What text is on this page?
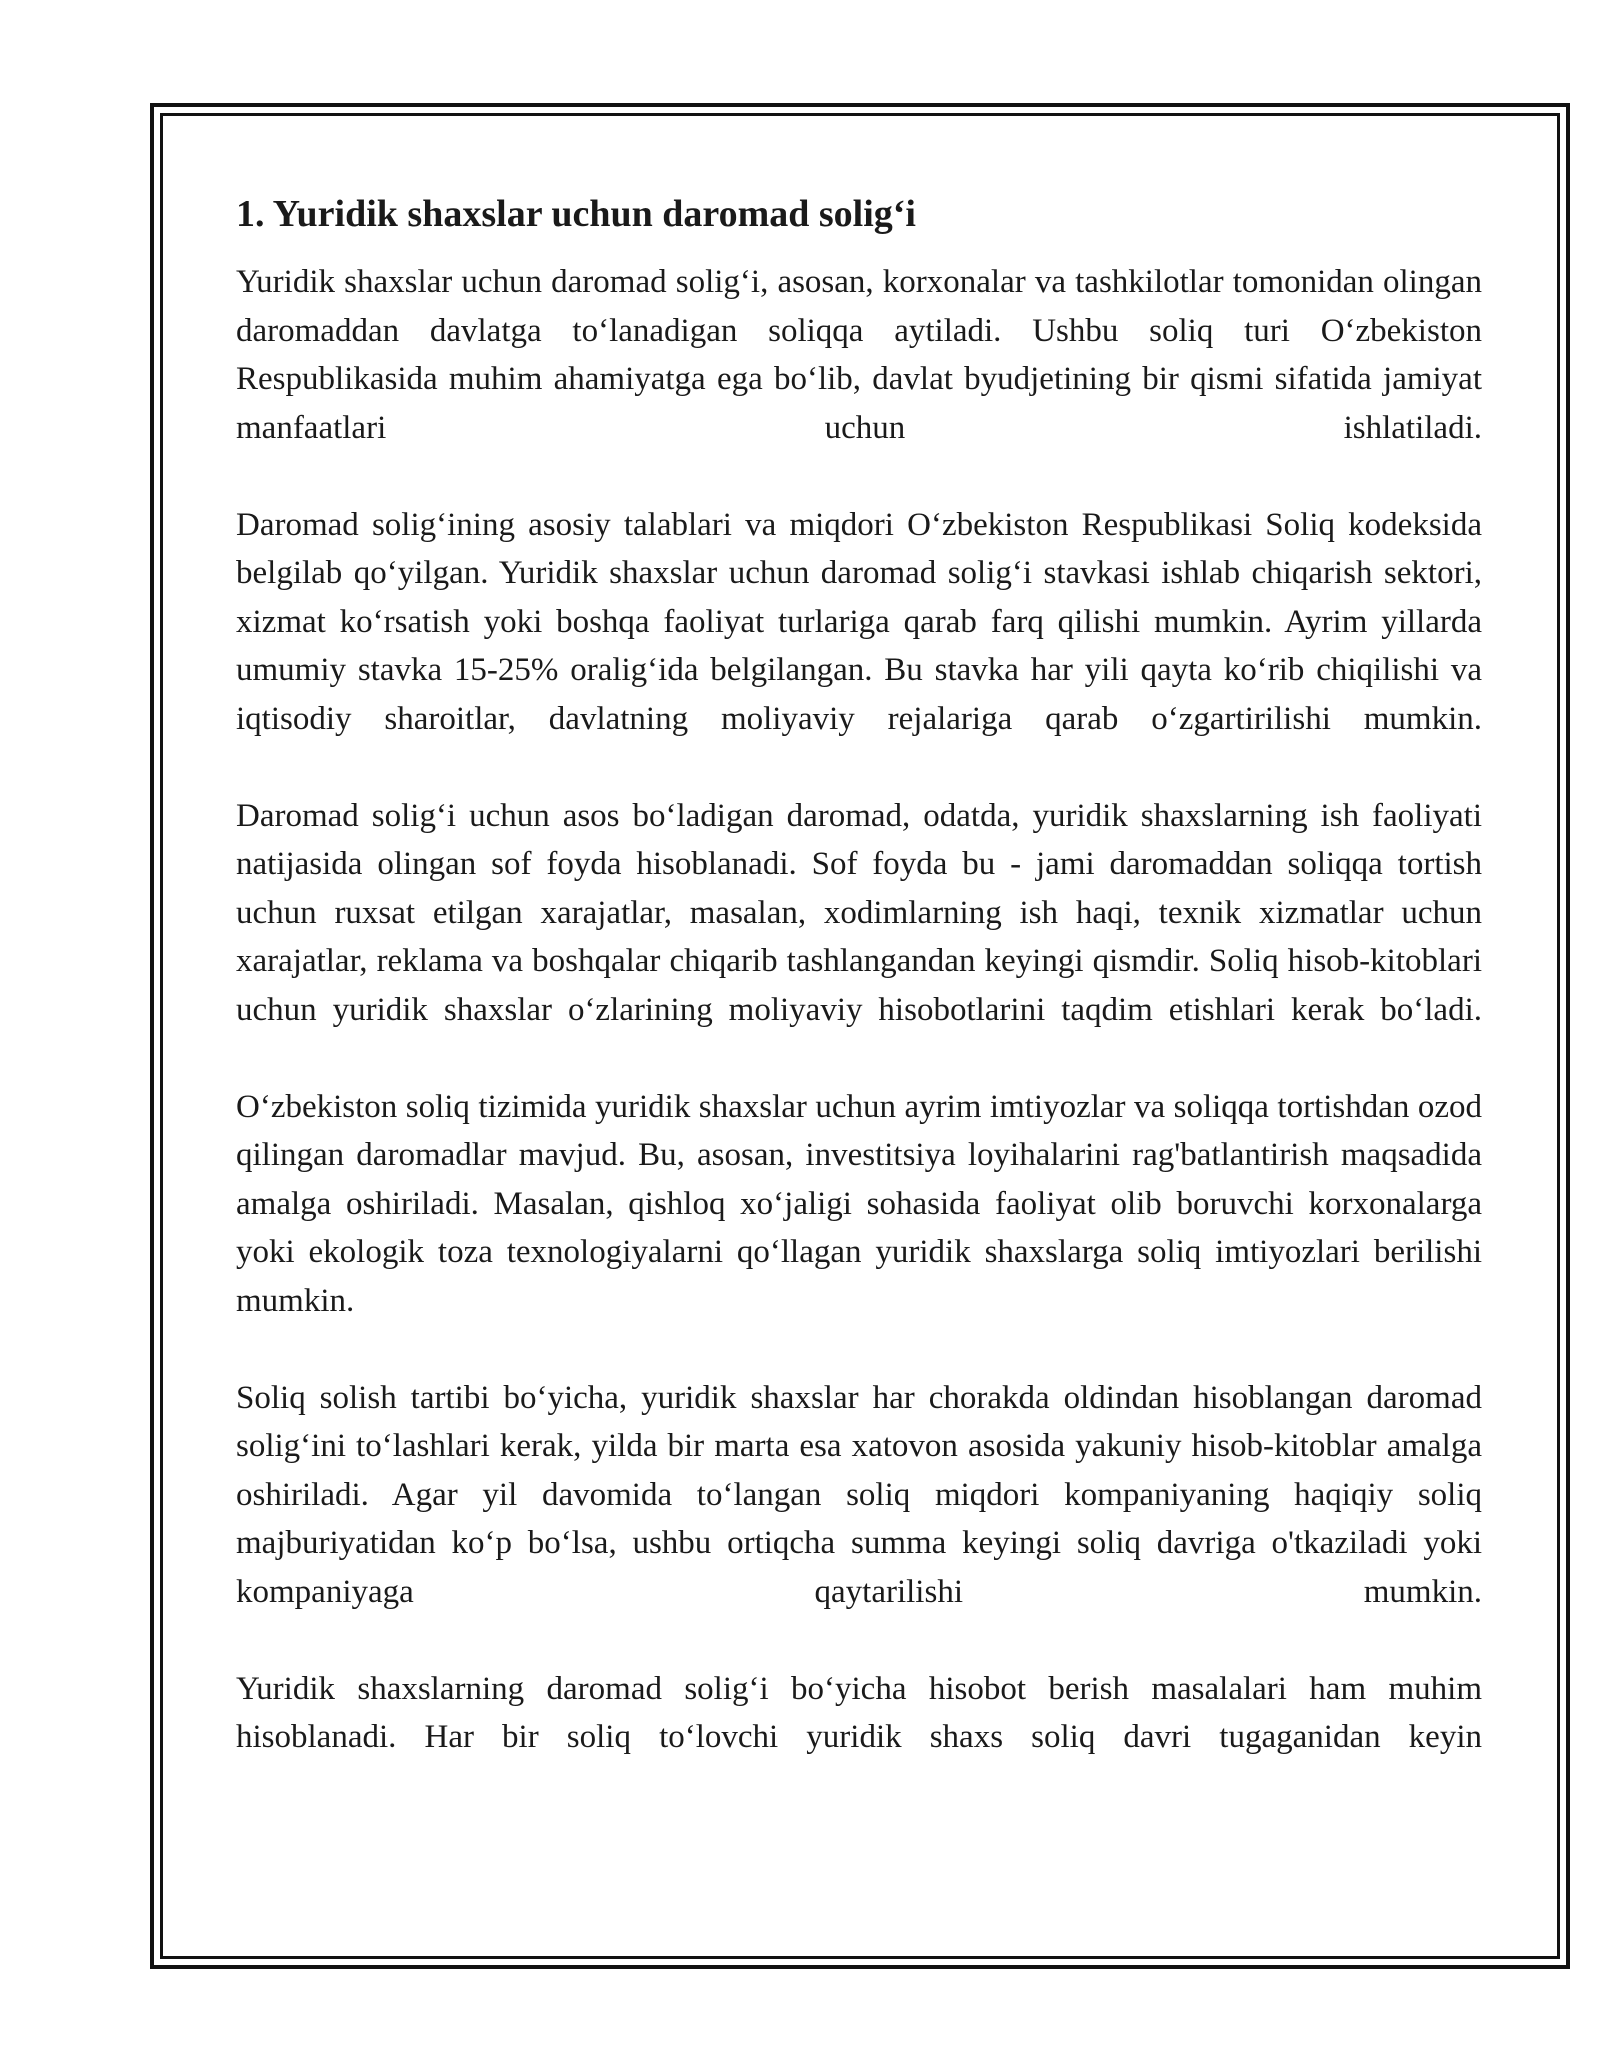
1. Yuridik shaxslar uchun daromad solig‘i

Yuridik shaxslar uchun daromad solig‘i, asosan, korxonalar va tashkilotlar tomonidan olingan daromaddan davlatga to‘lanadigan soliqqa aytiladi. Ushbu soliq turi O‘zbekiston Respublikasida muhim ahamiyatga ega bo‘lib, davlat byudjetining bir qismi sifatida jamiyat manfaatlari uchun ishlatiladi.

Daromad solig‘ining asosiy talablari va miqdori O‘zbekiston Respublikasi Soliq kodeksida belgilab qo‘yilgan. Yuridik shaxslar uchun daromad solig‘i stavkasi ishlab chiqarish sektori, xizmat ko‘rsatish yoki boshqa faoliyat turlariga qarab farq qilishi mumkin. Ayrim yillarda umumiy stavka 15-25% oralig‘ida belgilangan. Bu stavka har yili qayta ko‘rib chiqilishi va iqtisodiy sharoitlar, davlatning moliyaviy rejalariga qarab o‘zgartirilishi mumkin.

Daromad solig‘i uchun asos bo‘ladigan daromad, odatda, yuridik shaxslarning ish faoliyati natijasida olingan sof foyda hisoblanadi. Sof foyda bu - jami daromaddan soliqqa tortish uchun ruxsat etilgan xarajatlar, masalan, xodimlarning ish haqi, texnik xizmatlar uchun xarajatlar, reklama va boshqalar chiqarib tashlangandan keyingi qismdir. Soliq hisob-kitoblari uchun yuridik shaxslar o‘zlarining moliyaviy hisobotlarini taqdim etishlari kerak bo‘ladi.

O‘zbekiston soliq tizimida yuridik shaxslar uchun ayrim imtiyozlar va soliqqa tortishdan ozod qilingan daromadlar mavjud. Bu, asosan, investitsiya loyihalarini rag'batlantirish maqsadida amalga oshiriladi. Masalan, qishloq xo‘jaligi sohasida faoliyat olib boruvchi korxonalarga yoki ekologik toza texnologiyalarni qo‘llagan yuridik shaxslarga soliq imtiyozlari berilishi mumkin.

Soliq solish tartibi bo‘yicha, yuridik shaxslar har chorakda oldindan hisoblangan daromad solig‘ini to‘lashlari kerak, yilda bir marta esa xatovon asosida yakuniy hisob-kitoblar amalga oshiriladi. Agar yil davomida to‘langan soliq miqdori kompaniyaning haqiqiy soliq majburiyatidan ko‘p bo‘lsa, ushbu ortiqcha summa keyingi soliq davriga o'tkaziladi yoki kompaniyaga qaytarilishi mumkin.

Yuridik shaxslarning daromad solig‘i bo‘yicha hisobot berish masalalari ham muhim hisoblanadi. Har bir soliq to‘lovchi yuridik shaxs soliq davri tugaganidan keyin
